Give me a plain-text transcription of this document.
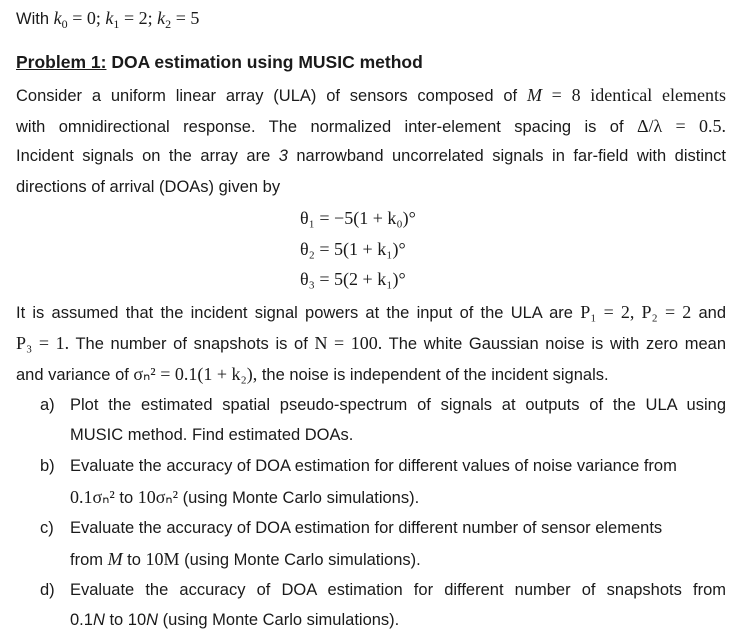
With $k_0 = 0$; $k_1 = 2$; $k_2 = 5$
Problem 1: DOA estimation using MUSIC method
Consider a uniform linear array (ULA) of sensors composed of M = 8 identical elements
with omnidirectional response. The normalized inter-element spacing is of Δ/λ = 0.5.
Incident signals on the array are 3 narrowband uncorrelated signals in far-field with distinct
directions of arrival (DOAs) given by
θ₁ = −5(1 + k₀)°
θ₂ = 5(1 + k₁)°
θ₃ = 5(2 + k₁)°
It is assumed that the incident signal powers at the input of the ULA are P₁ = 2, P₂ = 2 and
P₃ = 1. The number of snapshots is of N = 100. The white Gaussian noise is with zero mean
and variance of σₙ² = 0.1(1 + k₂), the noise is independent of the incident signals.
a) Plot the estimated spatial pseudo-spectrum of signals at outputs of the ULA using
MUSIC method. Find estimated DOAs.
b) Evaluate the accuracy of DOA estimation for different values of noise variance from
0.1σₙ² to 10σₙ² (using Monte Carlo simulations).
c) Evaluate the accuracy of DOA estimation for different number of sensor elements
from M to 10M (using Monte Carlo simulations).
d) Evaluate the accuracy of DOA estimation for different number of snapshots from
0.1N to 10N (using Monte Carlo simulations).
